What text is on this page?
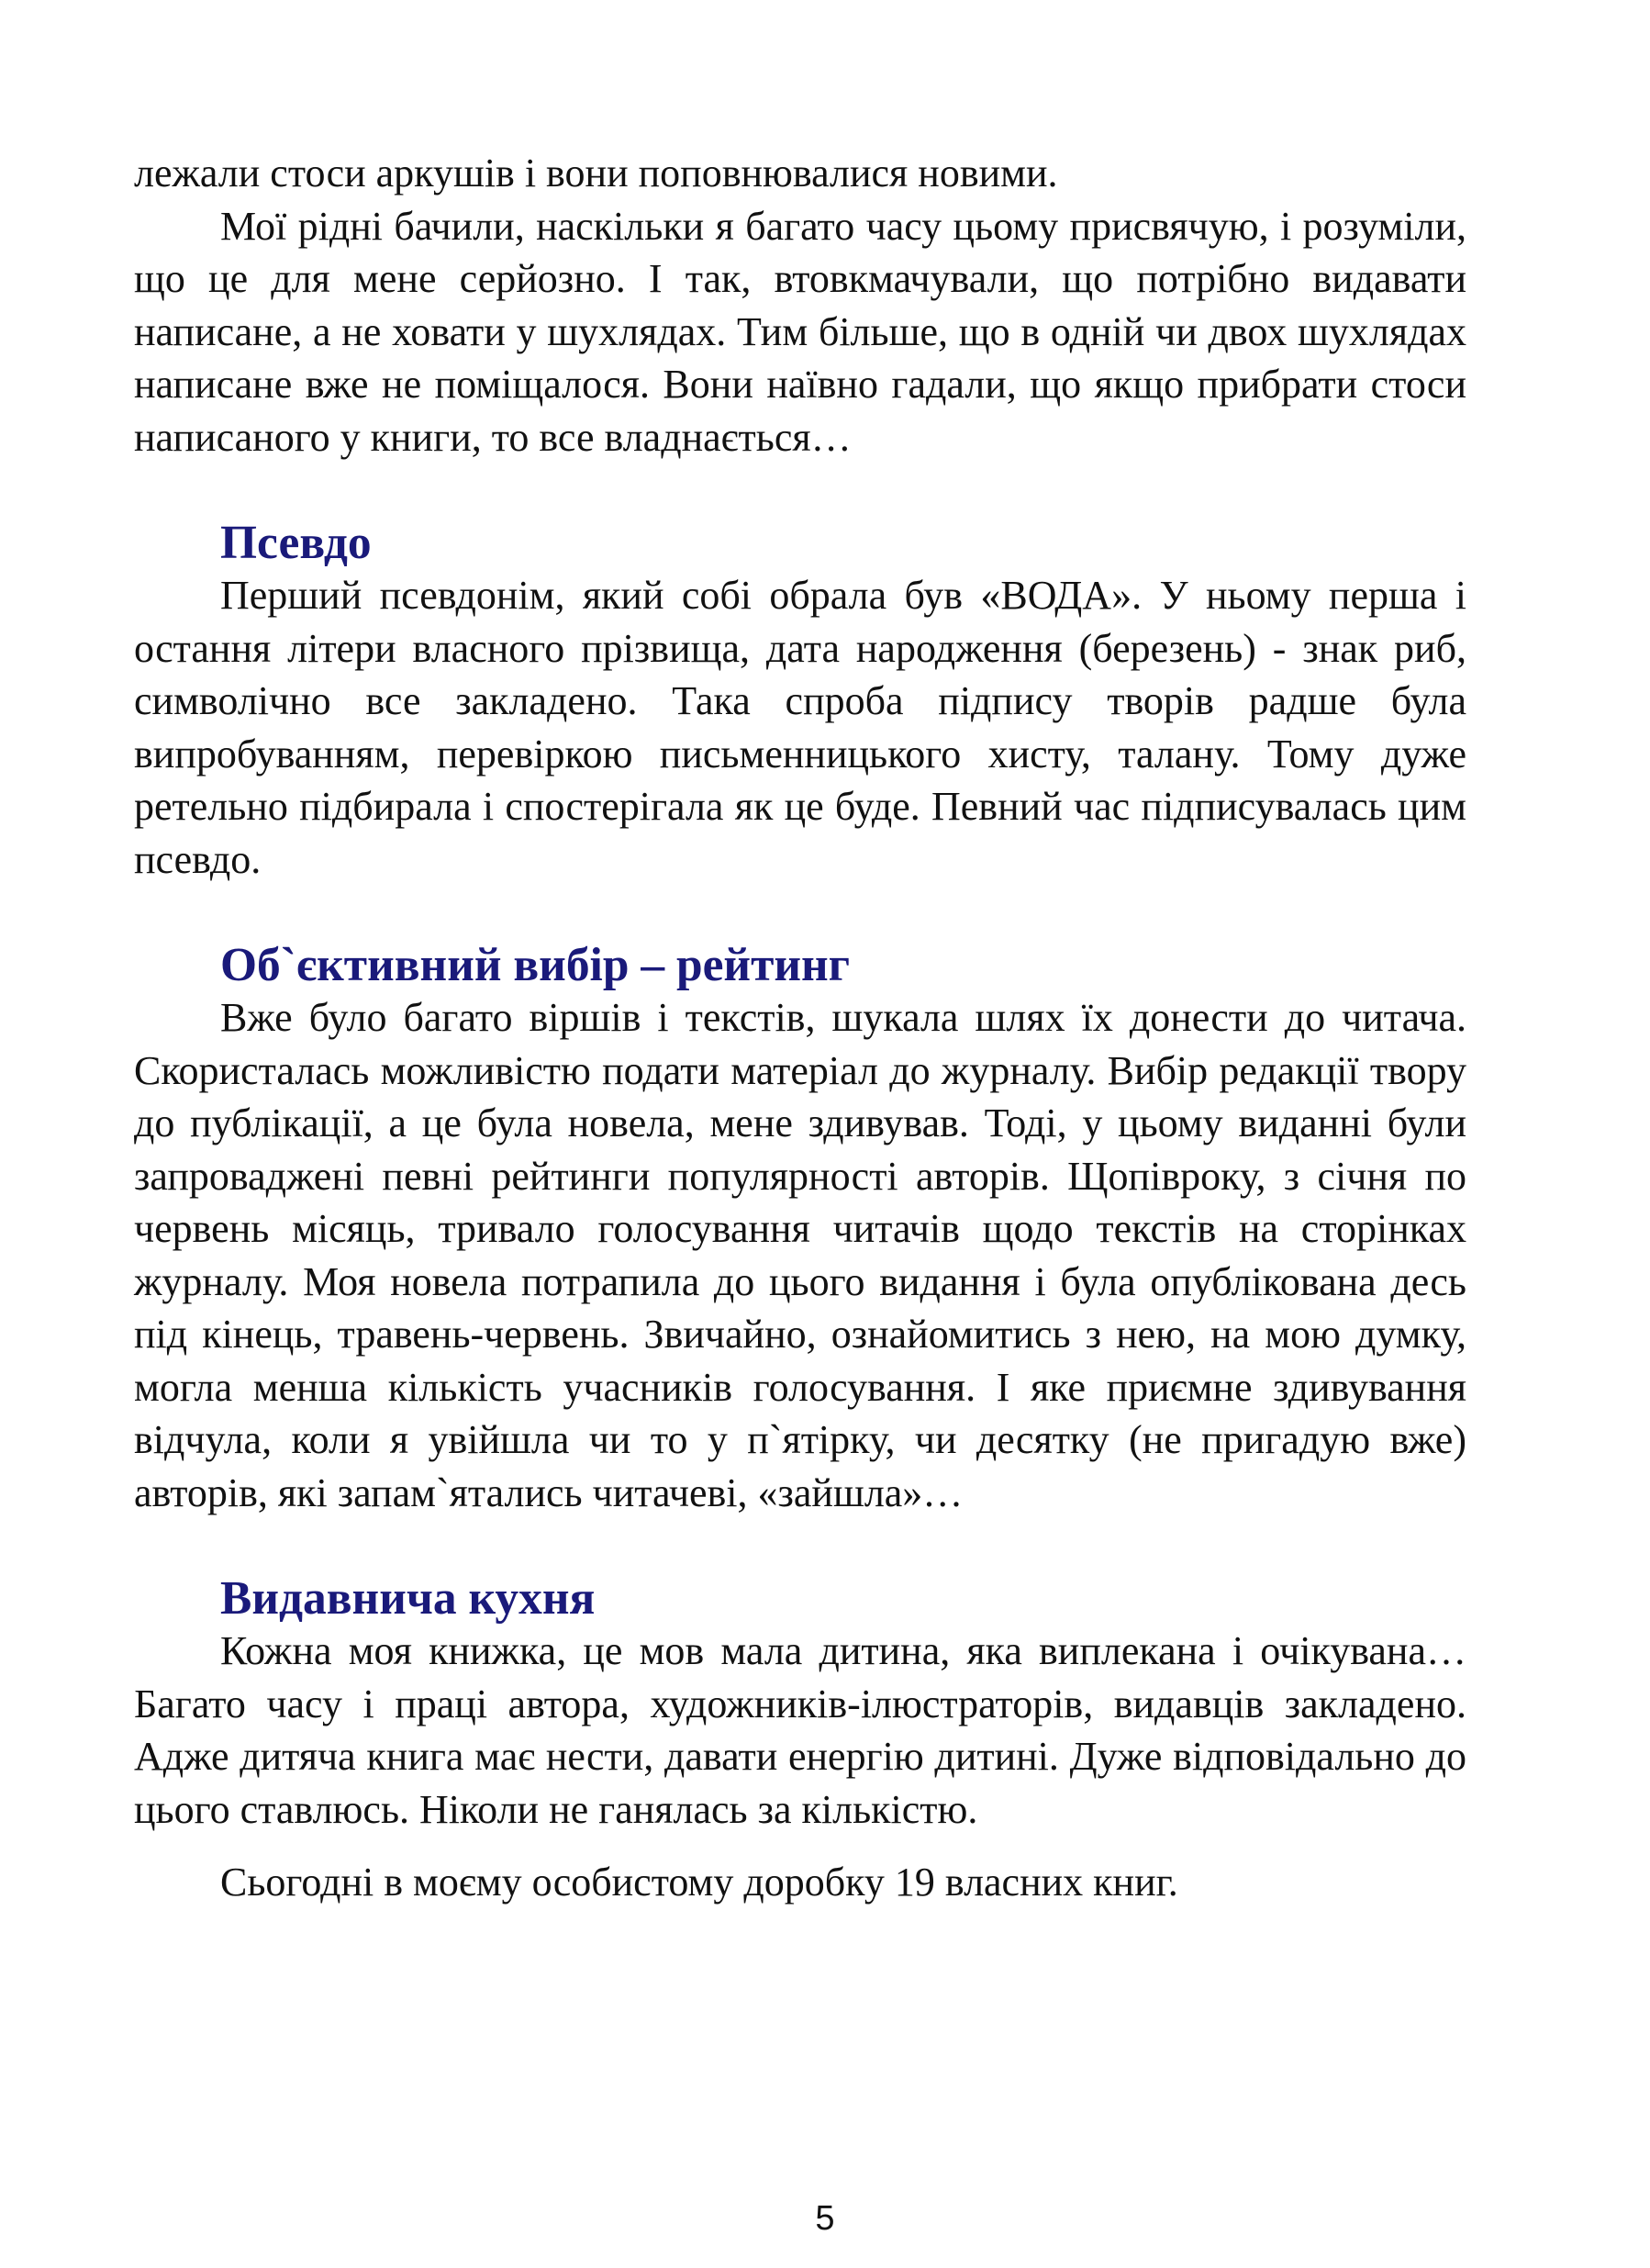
лежали стоси аркушів і вони поповнювалися новими.

Мої рідні бачили, наскільки я багато часу цьому присвячую, і розуміли, що це для мене серйозно. І так, втовкмачували, що потрібно видавати написане, а не ховати у шухлядах. Тим більше, що в одній чи двох шухлядах написане вже не поміщалося. Вони наївно гадали, що якщо прибрати стоси написаного у книги, то все владнається…

Псевдо

Перший псевдонім, який собі обрала був «ВОДА». У ньому перша і остання літери власного прізвища, дата народження (березень) - знак риб, символічно все закладено. Така спроба підпису творів радше була випробуванням, перевіркою письменницького хисту, талану. Тому дуже ретельно підбирала і спостерігала як це буде. Певний час підписувалась цим псевдо.

Об`єктивний вибір – рейтинг

Вже було багато віршів і текстів, шукала шлях їх донести до читача. Скористалась можливістю подати матеріал до журналу. Вибір редакції твору до публікації, а це була новела, мене здивував. Тоді, у цьому виданні були запроваджені певні рейтинги популярності авторів. Щопівроку, з січня по червень місяць, тривало голосування читачів щодо текстів на сторінках журналу. Моя новела потрапила до цього видання і була опублікована десь під кінець, травень-червень. Звичайно, ознайомитись з нею, на мою думку, могла менша кількість учасників голосування. І яке приємне здивування відчула, коли я увійшла чи то у п`ятірку, чи десятку (не пригадую вже) авторів, які запам`ятались читачеві, «зайшла»…

Видавнича кухня

Кожна моя книжка, це мов мала дитина, яка виплекана і очікувана… Багато часу і праці автора, художників-ілюстраторів, видавців закладено. Адже дитяча книга має нести, давати енергію дитині. Дуже відповідально до цього ставлюсь. Ніколи не ганялась за кількістю.

Сьогодні в моєму особистому доробку 19 власних книг.

5
